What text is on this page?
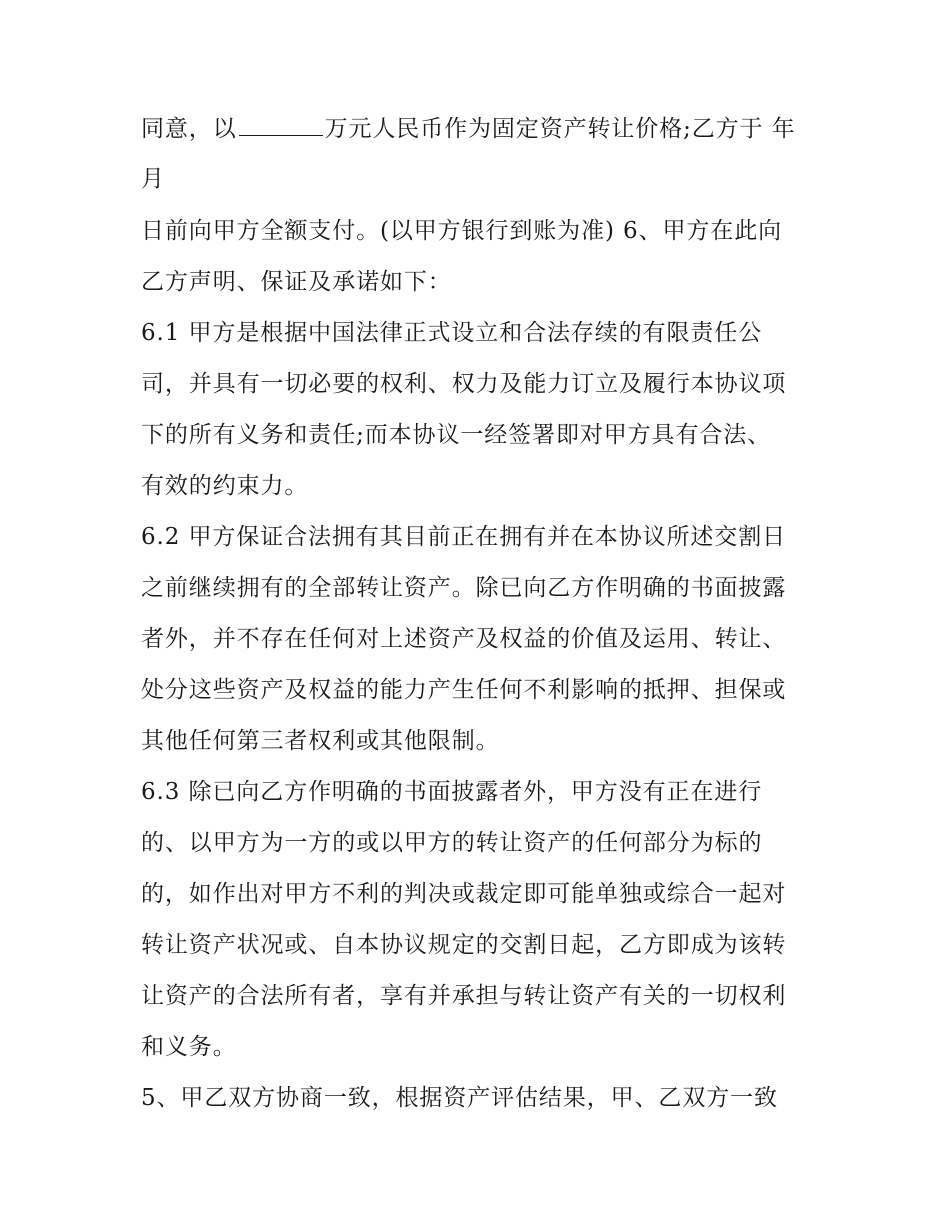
同意，以	万元人民币作为固定资产转让价格;乙方于 年

月

日前向甲方全额支付。(以甲方银行到账为准) 6、甲方在此向

乙方声明、保证及承诺如下：

6.1 甲方是根据中国法律正式设立和合法存续的有限责任公

司，并具有一切必要的权利、权力及能力订立及履行本协议项

下的所有义务和责任;而本协议一经签署即对甲方具有合法、

有效的约束力。

6.2 甲方保证合法拥有其目前正在拥有并在本协议所述交割日

之前继续拥有的全部转让资产。除已向乙方作明确的书面披露

者外，并不存在任何对上述资产及权益的价值及运用、转让、

处分这些资产及权益的能力产生任何不利影响的抵押、担保或

其他任何第三者权利或其他限制。

6.3 除已向乙方作明确的书面披露者外，甲方没有正在进行

的、以甲方为一方的或以甲方的转让资产的任何部分为标的

的，如作出对甲方不利的判决或裁定即可能单独或综合一起对

转让资产状况或、自本协议规定的交割日起，乙方即成为该转

让资产的合法所有者，享有并承担与转让资产有关的一切权利

和义务。

5、甲乙双方协商一致，根据资产评估结果，甲、乙双方一致
